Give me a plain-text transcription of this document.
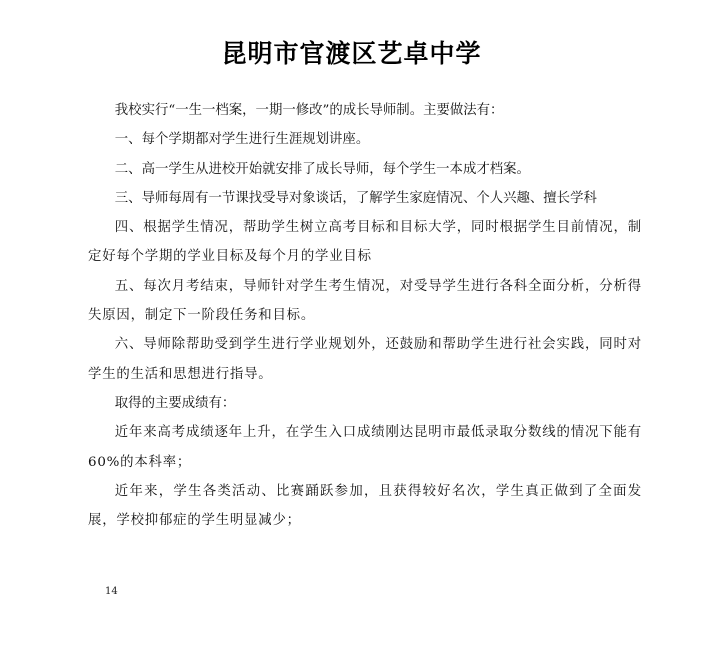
昆明市官渡区艺卓中学

我校实行“一生一档案，一期一修改”的成长导师制。主要做法有：

一、每个学期都对学生进行生涯规划讲座。

二、高一学生从进校开始就安排了成长导师，每个学生一本成才档案。

三、导师每周有一节课找受导对象谈话，了解学生家庭情况、个人兴趣、擅长学科

四、根据学生情况，帮助学生树立高考目标和目标大学，同时根据学生目前情况，制定好每个学期的学业目标及每个月的学业目标

五、每次月考结束，导师针对学生考生情况，对受导学生进行各科全面分析，分析得失原因，制定下一阶段任务和目标。

六、导师除帮助受到学生进行学业规划外，还鼓励和帮助学生进行社会实践，同时对学生的生活和思想进行指导。

取得的主要成绩有：

近年来高考成绩逐年上升，在学生入口成绩刚达昆明市最低录取分数线的情况下能有60%的本科率；

近年来，学生各类活动、比赛踊跃参加，且获得较好名次，学生真正做到了全面发展，学校抑郁症的学生明显减少；

14
